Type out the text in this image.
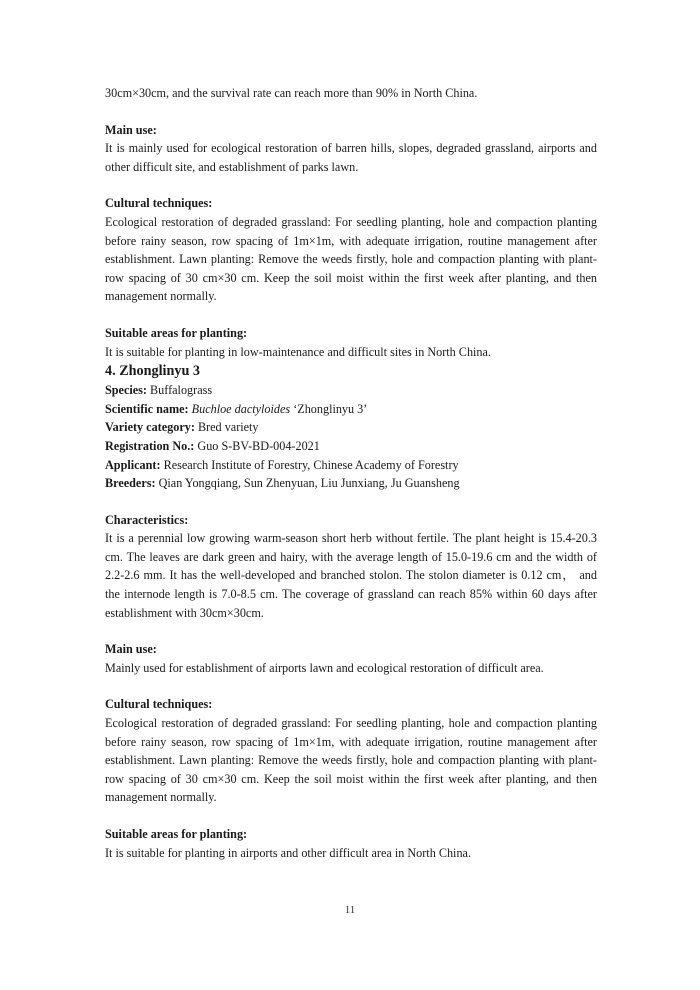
30cm×30cm, and the survival rate can reach more than 90% in North China.

Main use:

It is mainly used for ecological restoration of barren hills, slopes, degraded grassland, airports and other difficult site, and establishment of parks lawn.

Cultural techniques:

Ecological restoration of degraded grassland: For seedling planting, hole and compaction planting before rainy season, row spacing of 1m×1m, with adequate irrigation, routine management after establishment. Lawn planting: Remove the weeds firstly, hole and compaction planting with plant-row spacing of 30 cm×30 cm. Keep the soil moist within the first week after planting, and then management normally.

Suitable areas for planting:

It is suitable for planting in low-maintenance and difficult sites in North China.

4. Zhonglinyu 3

Species: Buffalograss

Scientific name: Buchloe dactyloides ‘Zhonglinyu 3’

Variety category: Bred variety

Registration No.: Guo S-BV-BD-004-2021

Applicant: Research Institute of Forestry, Chinese Academy of Forestry

Breeders: Qian Yongqiang, Sun Zhenyuan, Liu Junxiang, Ju Guansheng

Characteristics:

It is a perennial low growing warm-season short herb without fertile. The plant height is 15.4-20.3 cm. The leaves are dark green and hairy, with the average length of 15.0-19.6 cm and the width of 2.2-2.6 mm. It has the well-developed and branched stolon. The stolon diameter is 0.12 cm， and the internode length is 7.0-8.5 cm. The coverage of grassland can reach 85% within 60 days after establishment with 30cm×30cm.

Main use:

Mainly used for establishment of airports lawn and ecological restoration of difficult area.

Cultural techniques:

Ecological restoration of degraded grassland: For seedling planting, hole and compaction planting before rainy season, row spacing of 1m×1m, with adequate irrigation, routine management after establishment. Lawn planting: Remove the weeds firstly, hole and compaction planting with plant-row spacing of 30 cm×30 cm. Keep the soil moist within the first week after planting, and then management normally.

Suitable areas for planting:

It is suitable for planting in airports and other difficult area in North China.

11
